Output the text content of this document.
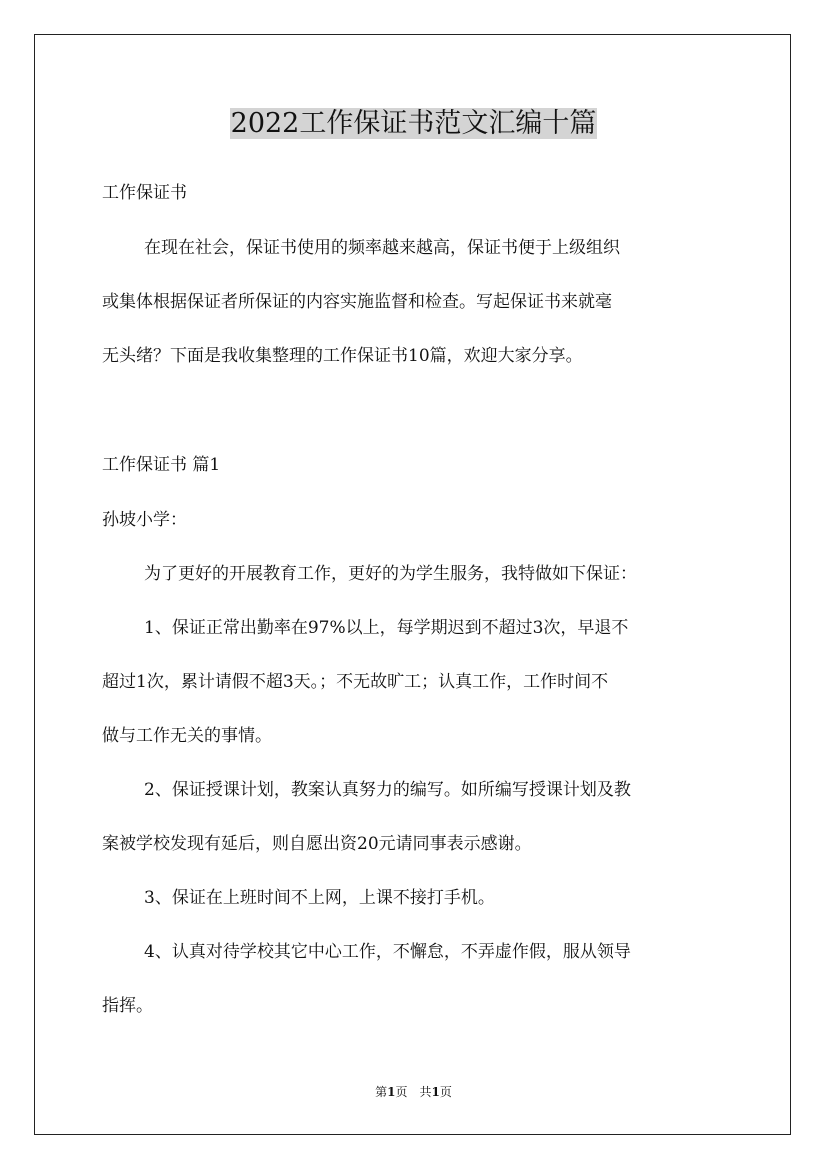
2022工作保证书范文汇编十篇

工作保证书

在现在社会，保证书使用的频率越来越高，保证书便于上级组织

或集体根据保证者所保证的内容实施监督和检查。写起保证书来就毫

无头绪？下面是我收集整理的工作保证书10篇，欢迎大家分享。

工作保证书 篇1

孙坡小学：

为了更好的开展教育工作，更好的为学生服务，我特做如下保证：

1、保证正常出勤率在97%以上，每学期迟到不超过3次，早退不

超过1次，累计请假不超3天。；不无故旷工；认真工作，工作时间不

做与工作无关的事情。

2、保证授课计划，教案认真努力的编写。如所编写授课计划及教

案被学校发现有延后，则自愿出资20元请同事表示感谢。

3、保证在上班时间不上网，上课不接打手机。

4、认真对待学校其它中心工作，不懈怠，不弄虚作假，服从领导

指挥。

第1页　共1页
